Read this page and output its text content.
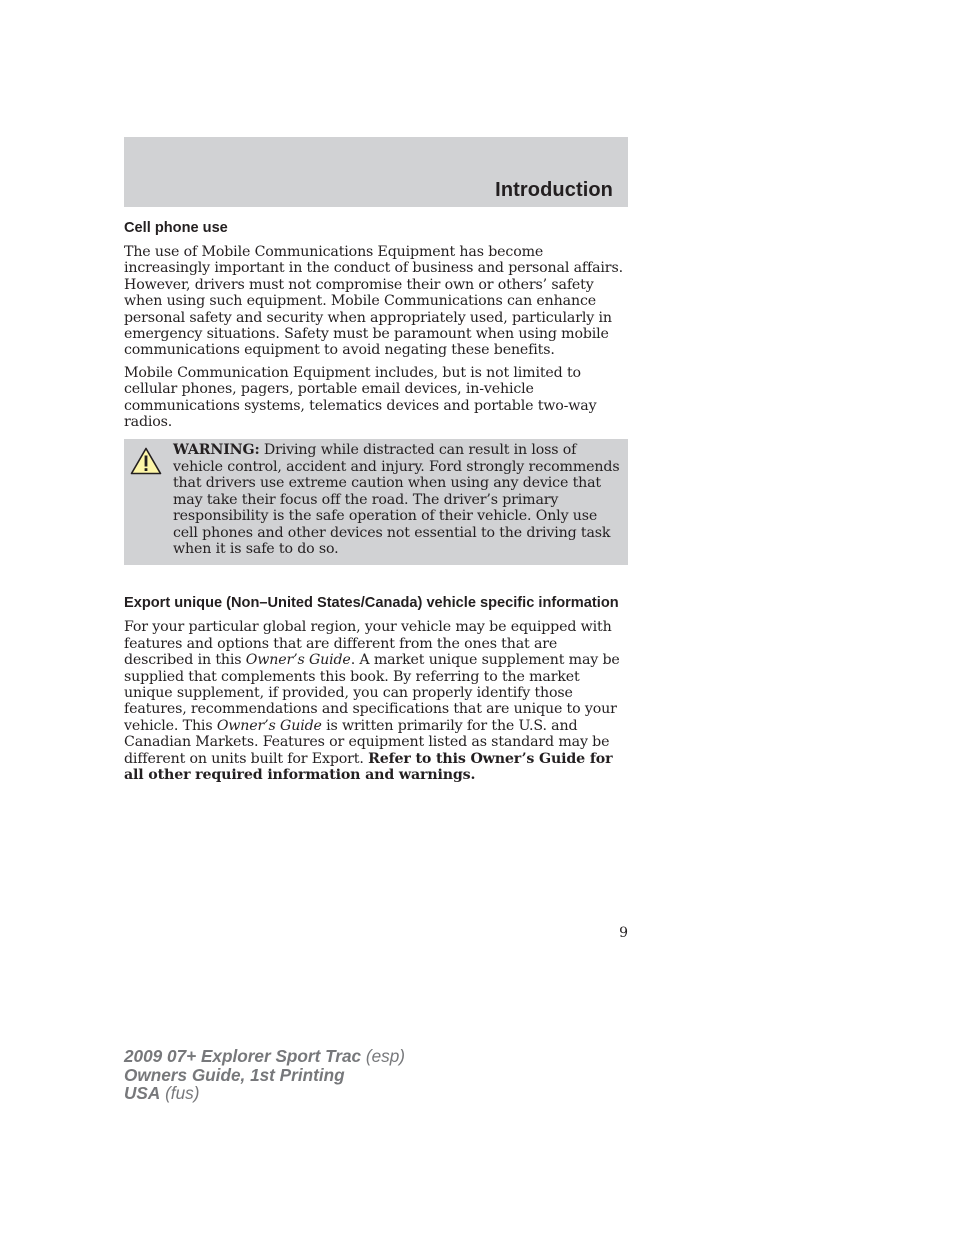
Introduction
Cell phone use

The use of Mobile Communications Equipment has become increasingly important in the conduct of business and personal affairs. However, drivers must not compromise their own or others’ safety when using such equipment. Mobile Communications can enhance personal safety and security when appropriately used, particularly in emergency situations. Safety must be paramount when using mobile communications equipment to avoid negating these benefits.

Mobile Communication Equipment includes, but is not limited to cellular phones, pagers, portable email devices, in-vehicle communications systems, telematics devices and portable two-way radios.

WARNING: Driving while distracted can result in loss of vehicle control, accident and injury. Ford strongly recommends that drivers use extreme caution when using any device that may take their focus off the road. The driver’s primary responsibility is the safe operation of their vehicle. Only use cell phones and other devices not essential to the driving task when it is safe to do so.

Export unique (Non–United States/Canada) vehicle specific information

For your particular global region, your vehicle may be equipped with features and options that are different from the ones that are described in this Owner’s Guide. A market unique supplement may be supplied that complements this book. By referring to the market unique supplement, if provided, you can properly identify those features, recommendations and specifications that are unique to your vehicle. This Owner’s Guide is written primarily for the U.S. and Canadian Markets. Features or equipment listed as standard may be different on units built for Export. Refer to this Owner’s Guide for all other required information and warnings.

9
2009 07+ Explorer Sport Trac (esp)
Owners Guide, 1st Printing
USA (fus)
